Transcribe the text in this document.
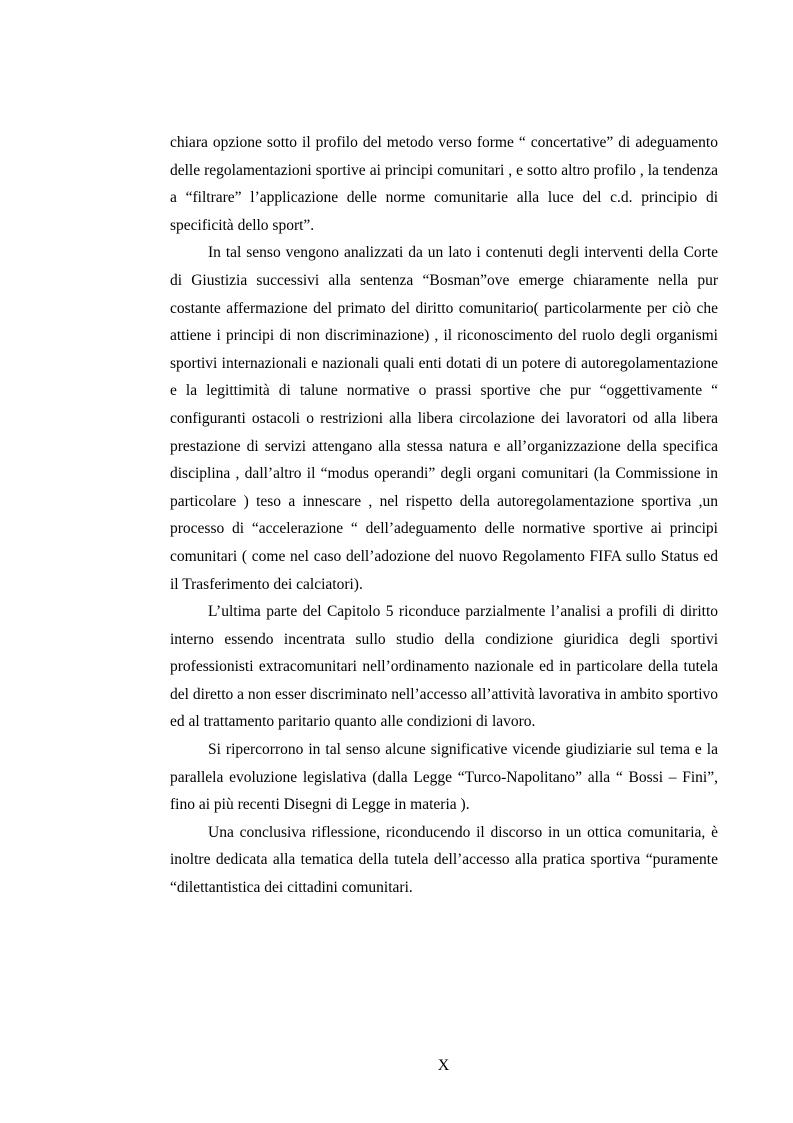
chiara opzione sotto il profilo del metodo verso forme “ concertative” di adeguamento delle regolamentazioni sportive ai principi comunitari , e sotto altro profilo , la tendenza a “filtrare” l’applicazione delle norme comunitarie alla luce del c.d. principio di specificità dello sport”.

In tal senso vengono analizzati da un lato i contenuti degli interventi della Corte di Giustizia successivi alla sentenza “Bosman”ove emerge chiaramente nella pur costante affermazione del primato del diritto comunitario( particolarmente per ciò che attiene i principi di non discriminazione) , il riconoscimento del ruolo degli organismi sportivi internazionali e nazionali quali enti dotati di un potere di autoregolamentazione e la legittimità di talune normative o prassi sportive che pur “oggettivamente “ configuranti ostacoli o restrizioni alla libera circolazione dei lavoratori od alla libera prestazione di servizi attengano alla stessa natura e all’organizzazione della specifica disciplina , dall’altro il “modus operandi” degli organi comunitari (la Commissione in particolare ) teso a innescare , nel rispetto della autoregolamentazione sportiva ,un processo di “accelerazione “ dell’adeguamento delle normative sportive ai principi comunitari ( come nel caso dell’adozione del nuovo Regolamento FIFA sullo Status ed il Trasferimento dei calciatori).

L’ultima parte del Capitolo 5 riconduce parzialmente l’analisi a profili di diritto interno essendo incentrata sullo studio della condizione giuridica degli sportivi professionisti extracomunitari nell’ordinamento nazionale ed in particolare della tutela del diretto a non esser discriminato nell’accesso all’attività lavorativa in ambito sportivo ed al trattamento paritario quanto alle condizioni di lavoro.

Si ripercorrono in tal senso alcune significative vicende giudiziarie sul tema e la parallela evoluzione legislativa (dalla Legge “Turco-Napolitano” alla “ Bossi – Fini”, fino ai più recenti Disegni di Legge in materia ).

Una conclusiva riflessione, riconducendo il discorso in un ottica comunitaria, è inoltre dedicata alla tematica della tutela dell’accesso alla pratica sportiva “puramente “dilettantistica dei cittadini comunitari.

X
